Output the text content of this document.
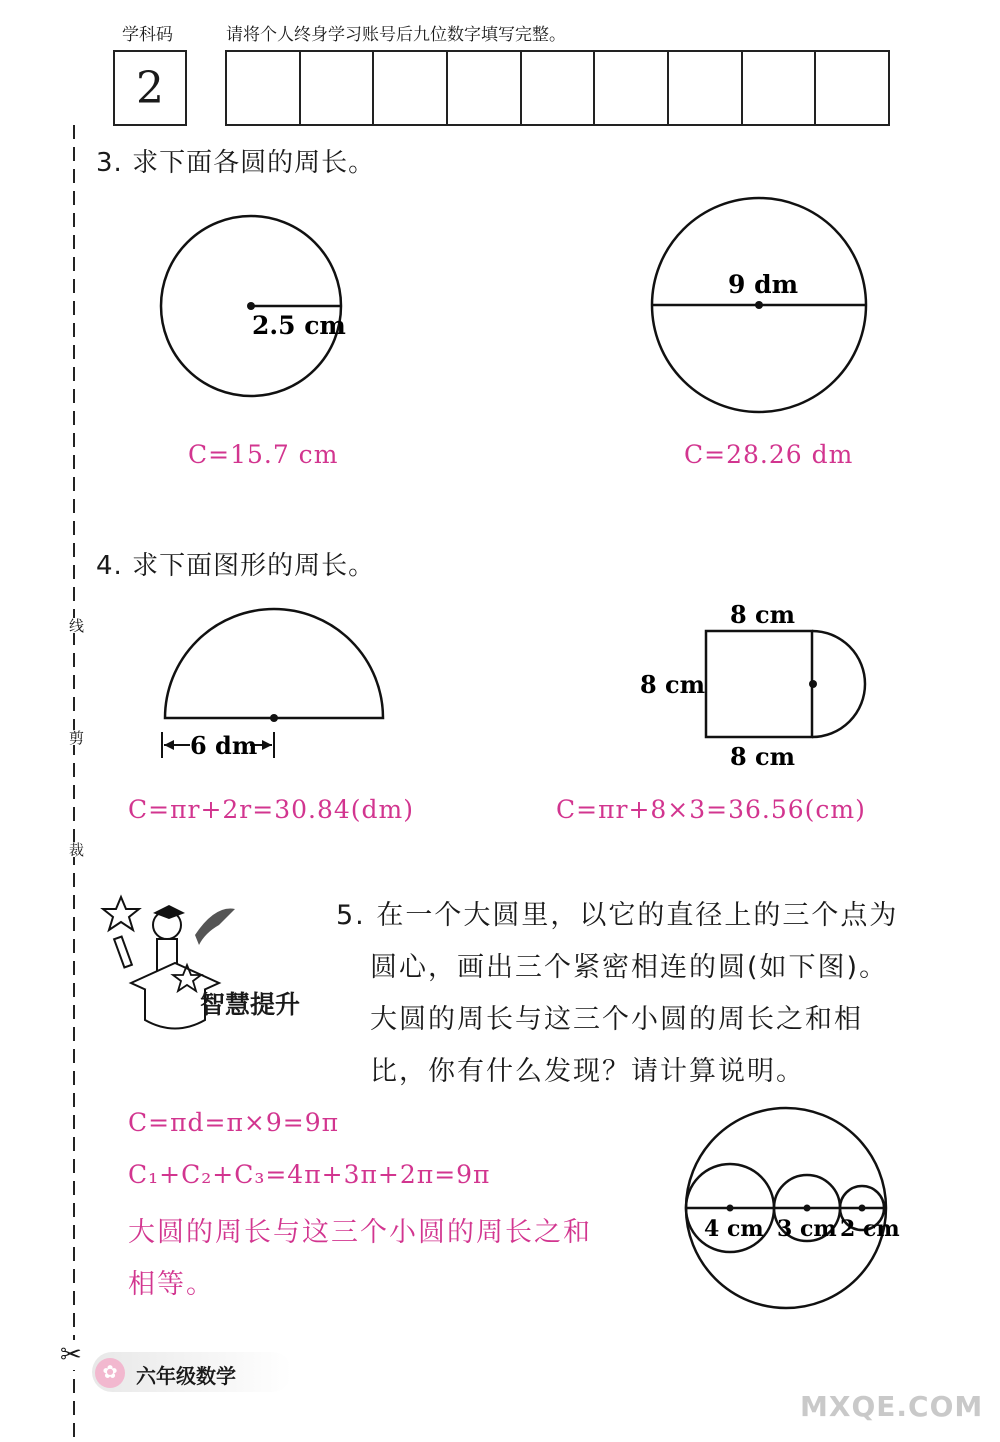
学科码	请将个人终身学习账号后九位数字填写完整。
2
线
剪
裁
✂
3. 求下面各圆的周长。
2.5 cm
C=15.7 cm
9 dm
C=28.26 dm
4. 求下面图形的周长。
6 dm
C=πr+2r=30.84(dm)
8 cm
8 cm
8 cm
C=πr+8×3=36.56(cm)
智慧提升
5. 在一个大圆里，以它的直径上的三个点为
圆心，画出三个紧密相连的圆(如下图)。
大圆的周长与这三个小圆的周长之和相
比，你有什么发现？请计算说明。
C=πd=π×9=9π
C₁+C₂+C₃=4π+3π+2π=9π
大圆的周长与这三个小圆的周长之和
相等。
4 cm 3 cm 2 cm
✿ 六年级数学
MXQE.COM
